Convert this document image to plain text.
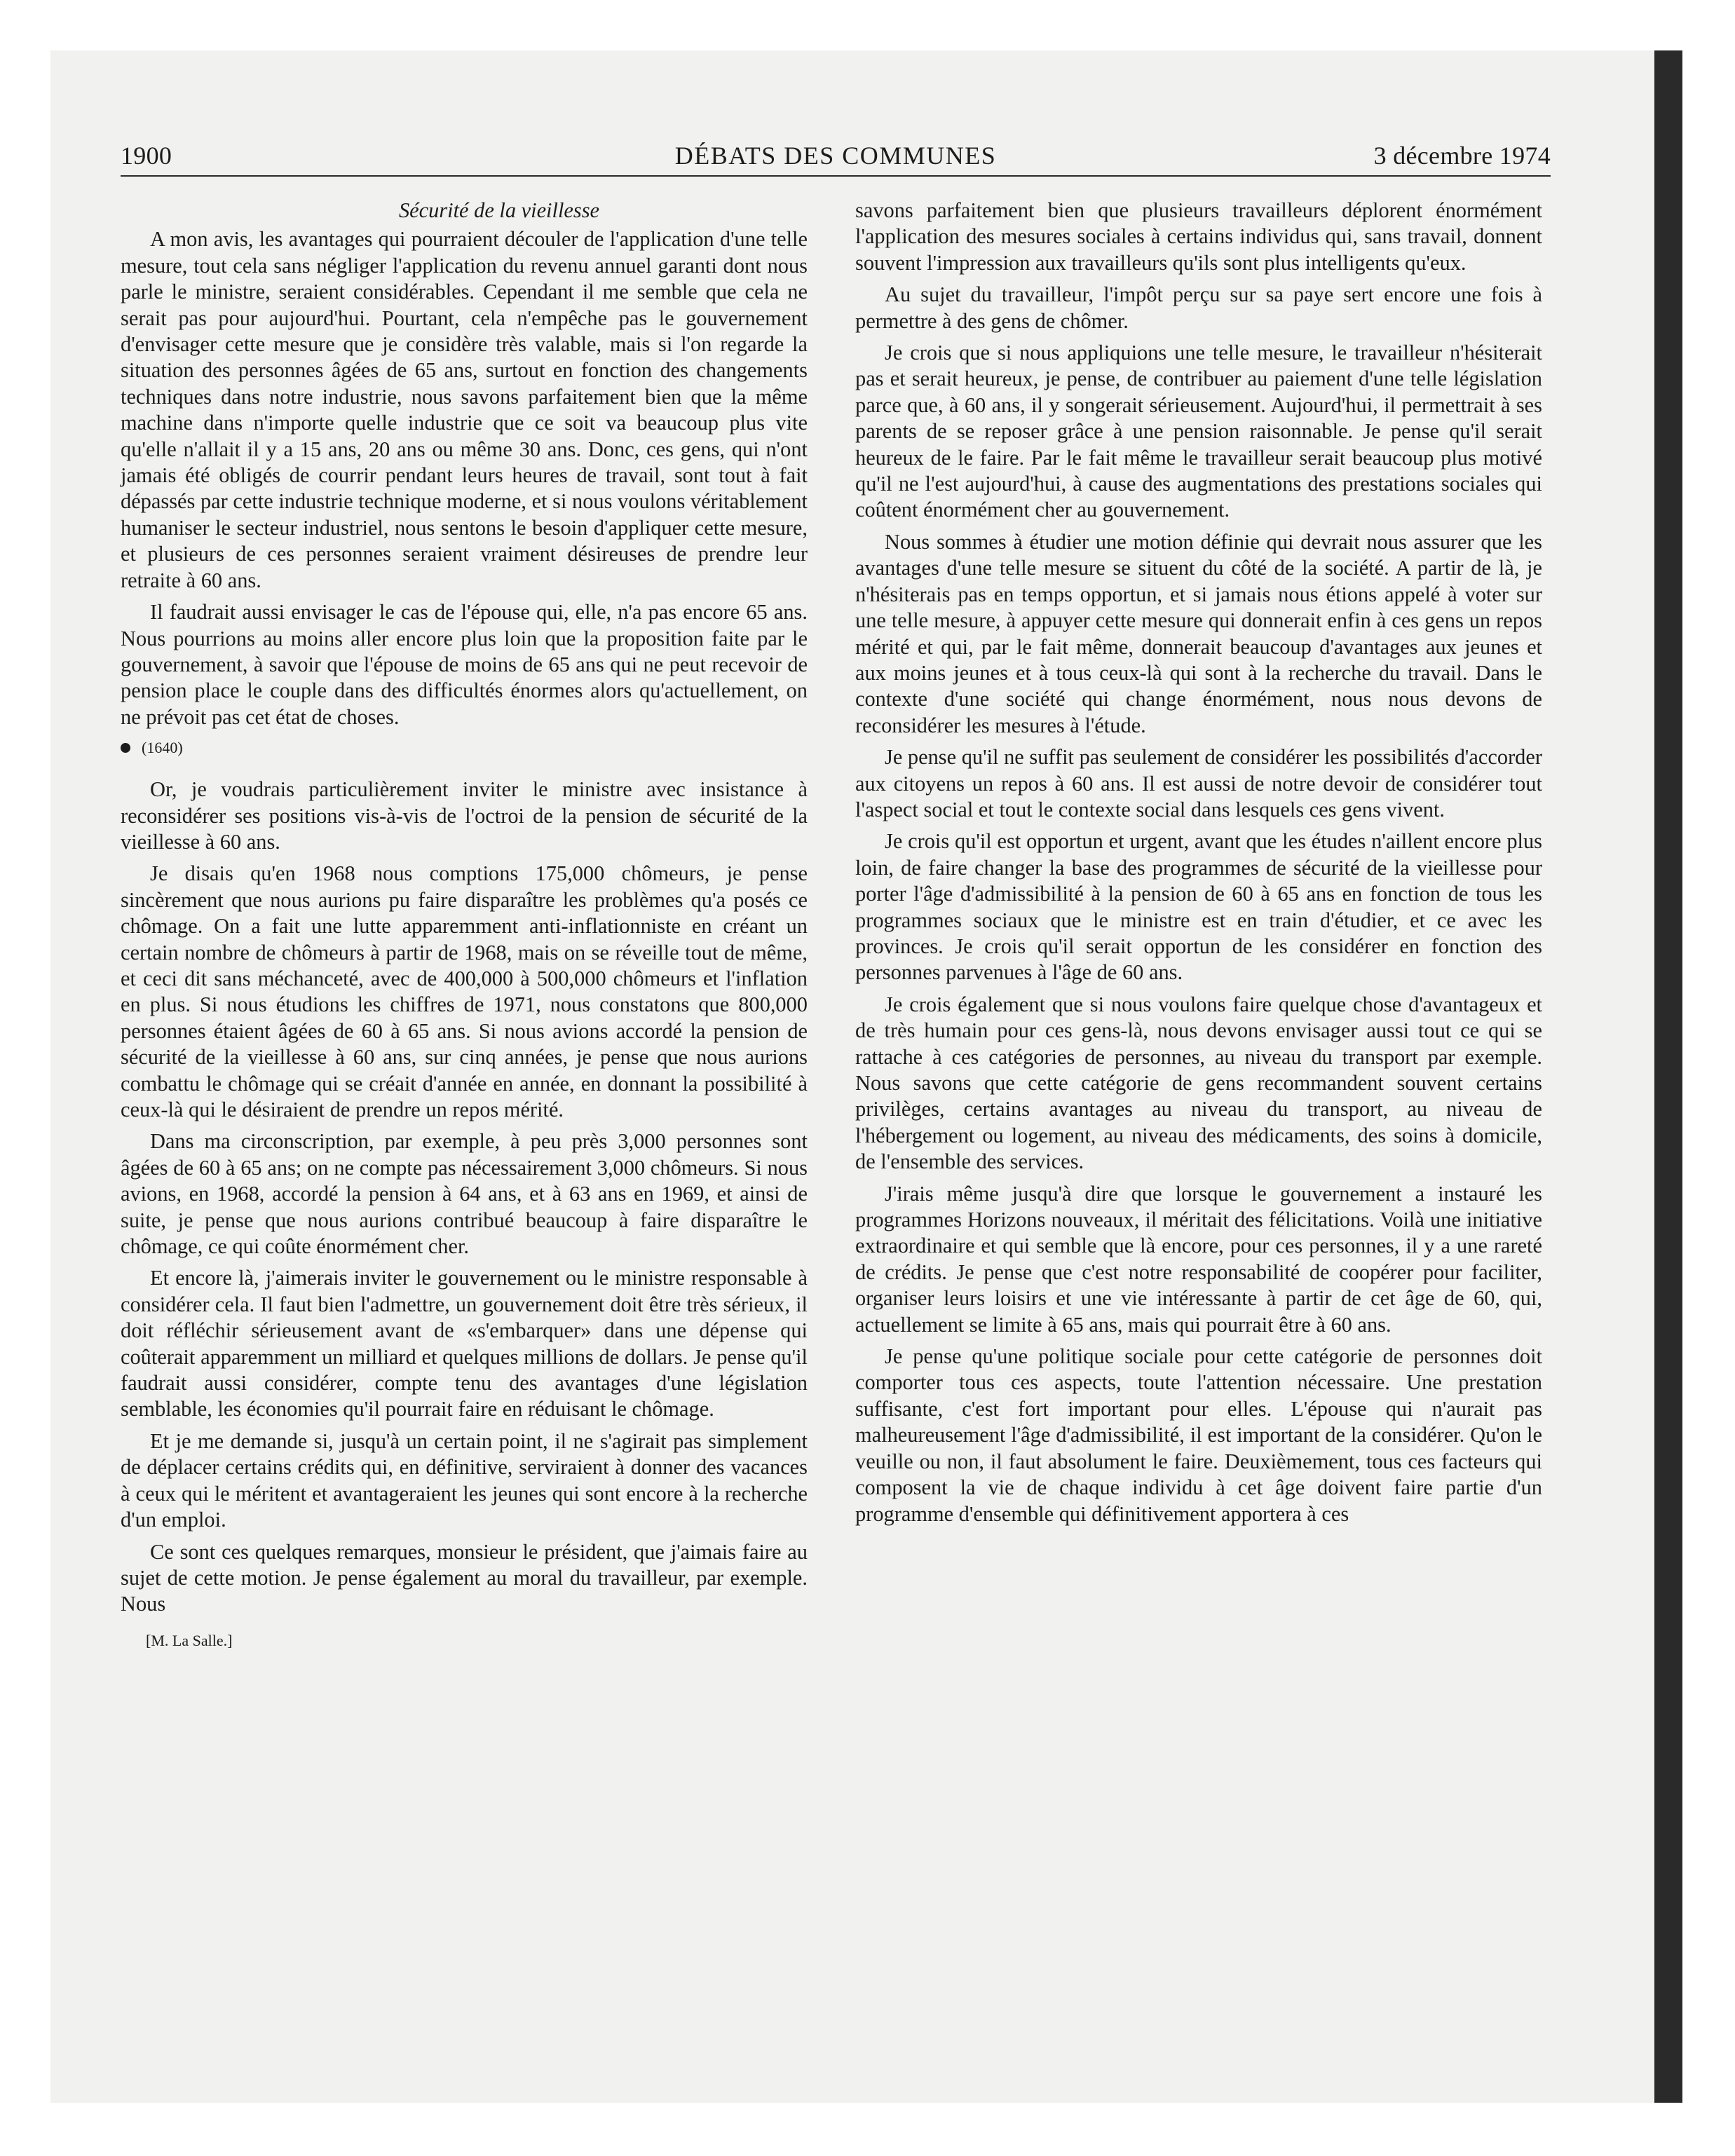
1900	DÉBATS DES COMMUNES	3 décembre 1974
Sécurité de la vieillesse

A mon avis, les avantages qui pourraient découler de l'application d'une telle mesure, tout cela sans négliger l'application du revenu annuel garanti dont nous parle le ministre, seraient considérables. Cependant il me semble que cela ne serait pas pour aujourd'hui. Pourtant, cela n'empêche pas le gouvernement d'envisager cette mesure que je considère très valable, mais si l'on regarde la situation des personnes âgées de 65 ans, surtout en fonction des changements techniques dans notre industrie, nous savons parfaitement bien que la même machine dans n'importe quelle industrie que ce soit va beaucoup plus vite qu'elle n'allait il y a 15 ans, 20 ans ou même 30 ans. Donc, ces gens, qui n'ont jamais été obligés de courrir pendant leurs heures de travail, sont tout à fait dépassés par cette industrie technique moderne, et si nous voulons véritablement humaniser le secteur industriel, nous sentons le besoin d'appliquer cette mesure, et plusieurs de ces personnes seraient vraiment désireuses de prendre leur retraite à 60 ans.

Il faudrait aussi envisager le cas de l'épouse qui, elle, n'a pas encore 65 ans. Nous pourrions au moins aller encore plus loin que la proposition faite par le gouvernement, à savoir que l'épouse de moins de 65 ans qui ne peut recevoir de pension place le couple dans des difficultés énormes alors qu'actuellement, on ne prévoit pas cet état de choses.

(1640)

Or, je voudrais particulièrement inviter le ministre avec insistance à reconsidérer ses positions vis-à-vis de l'octroi de la pension de sécurité de la vieillesse à 60 ans.

Je disais qu'en 1968 nous comptions 175,000 chômeurs, je pense sincèrement que nous aurions pu faire disparaître les problèmes qu'a posés ce chômage. On a fait une lutte apparemment anti-inflationniste en créant un certain nombre de chômeurs à partir de 1968, mais on se réveille tout de même, et ceci dit sans méchanceté, avec de 400,000 à 500,000 chômeurs et l'inflation en plus. Si nous étudions les chiffres de 1971, nous constatons que 800,000 personnes étaient âgées de 60 à 65 ans. Si nous avions accordé la pension de sécurité de la vieillesse à 60 ans, sur cinq années, je pense que nous aurions combattu le chômage qui se créait d'année en année, en donnant la possibilité à ceux-là qui le désiraient de prendre un repos mérité.

Dans ma circonscription, par exemple, à peu près 3,000 personnes sont âgées de 60 à 65 ans; on ne compte pas nécessairement 3,000 chômeurs. Si nous avions, en 1968, accordé la pension à 64 ans, et à 63 ans en 1969, et ainsi de suite, je pense que nous aurions contribué beaucoup à faire disparaître le chômage, ce qui coûte énormément cher.

Et encore là, j'aimerais inviter le gouvernement ou le ministre responsable à considérer cela. Il faut bien l'admettre, un gouvernement doit être très sérieux, il doit réfléchir sérieusement avant de «s'embarquer» dans une dépense qui coûterait apparemment un milliard et quelques millions de dollars. Je pense qu'il faudrait aussi considérer, compte tenu des avantages d'une législation semblable, les économies qu'il pourrait faire en réduisant le chômage.

Et je me demande si, jusqu'à un certain point, il ne s'agirait pas simplement de déplacer certains crédits qui, en définitive, serviraient à donner des vacances à ceux qui le méritent et avantageraient les jeunes qui sont encore à la recherche d'un emploi.

Ce sont ces quelques remarques, monsieur le président, que j'aimais faire au sujet de cette motion. Je pense également au moral du travailleur, par exemple. Nous

[M. La Salle.]

savons parfaitement bien que plusieurs travailleurs déplorent énormément l'application des mesures sociales à certains individus qui, sans travail, donnent souvent l'impression aux travailleurs qu'ils sont plus intelligents qu'eux.

Au sujet du travailleur, l'impôt perçu sur sa paye sert encore une fois à permettre à des gens de chômer.

Je crois que si nous appliquions une telle mesure, le travailleur n'hésiterait pas et serait heureux, je pense, de contribuer au paiement d'une telle législation parce que, à 60 ans, il y songerait sérieusement. Aujourd'hui, il permettrait à ses parents de se reposer grâce à une pension raisonnable. Je pense qu'il serait heureux de le faire. Par le fait même le travailleur serait beaucoup plus motivé qu'il ne l'est aujourd'hui, à cause des augmentations des prestations sociales qui coûtent énormément cher au gouvernement.

Nous sommes à étudier une motion définie qui devrait nous assurer que les avantages d'une telle mesure se situent du côté de la société. A partir de là, je n'hésiterais pas en temps opportun, et si jamais nous étions appelé à voter sur une telle mesure, à appuyer cette mesure qui donnerait enfin à ces gens un repos mérité et qui, par le fait même, donnerait beaucoup d'avantages aux jeunes et aux moins jeunes et à tous ceux-là qui sont à la recherche du travail. Dans le contexte d'une société qui change énormément, nous nous devons de reconsidérer les mesures à l'étude.

Je pense qu'il ne suffit pas seulement de considérer les possibilités d'accorder aux citoyens un repos à 60 ans. Il est aussi de notre devoir de considérer tout l'aspect social et tout le contexte social dans lesquels ces gens vivent.

Je crois qu'il est opportun et urgent, avant que les études n'aillent encore plus loin, de faire changer la base des programmes de sécurité de la vieillesse pour porter l'âge d'admissibilité à la pension de 60 à 65 ans en fonction de tous les programmes sociaux que le ministre est en train d'étudier, et ce avec les provinces. Je crois qu'il serait opportun de les considérer en fonction des personnes parvenues à l'âge de 60 ans.

Je crois également que si nous voulons faire quelque chose d'avantageux et de très humain pour ces gens-là, nous devons envisager aussi tout ce qui se rattache à ces catégories de personnes, au niveau du transport par exemple. Nous savons que cette catégorie de gens recommandent souvent certains privilèges, certains avantages au niveau du transport, au niveau de l'hébergement ou logement, au niveau des médicaments, des soins à domicile, de l'ensemble des services.

J'irais même jusqu'à dire que lorsque le gouvernement a instauré les programmes Horizons nouveaux, il méritait des félicitations. Voilà une initiative extraordinaire et qui semble que là encore, pour ces personnes, il y a une rareté de crédits. Je pense que c'est notre responsabilité de coopérer pour faciliter, organiser leurs loisirs et une vie intéressante à partir de cet âge de 60, qui, actuellement se limite à 65 ans, mais qui pourrait être à 60 ans.

Je pense qu'une politique sociale pour cette catégorie de personnes doit comporter tous ces aspects, toute l'attention nécessaire. Une prestation suffisante, c'est fort important pour elles. L'épouse qui n'aurait pas malheureusement l'âge d'admissibilité, il est important de la considérer. Qu'on le veuille ou non, il faut absolument le faire. Deuxièmement, tous ces facteurs qui composent la vie de chaque individu à cet âge doivent faire partie d'un programme d'ensemble qui définitivement apportera à ces
